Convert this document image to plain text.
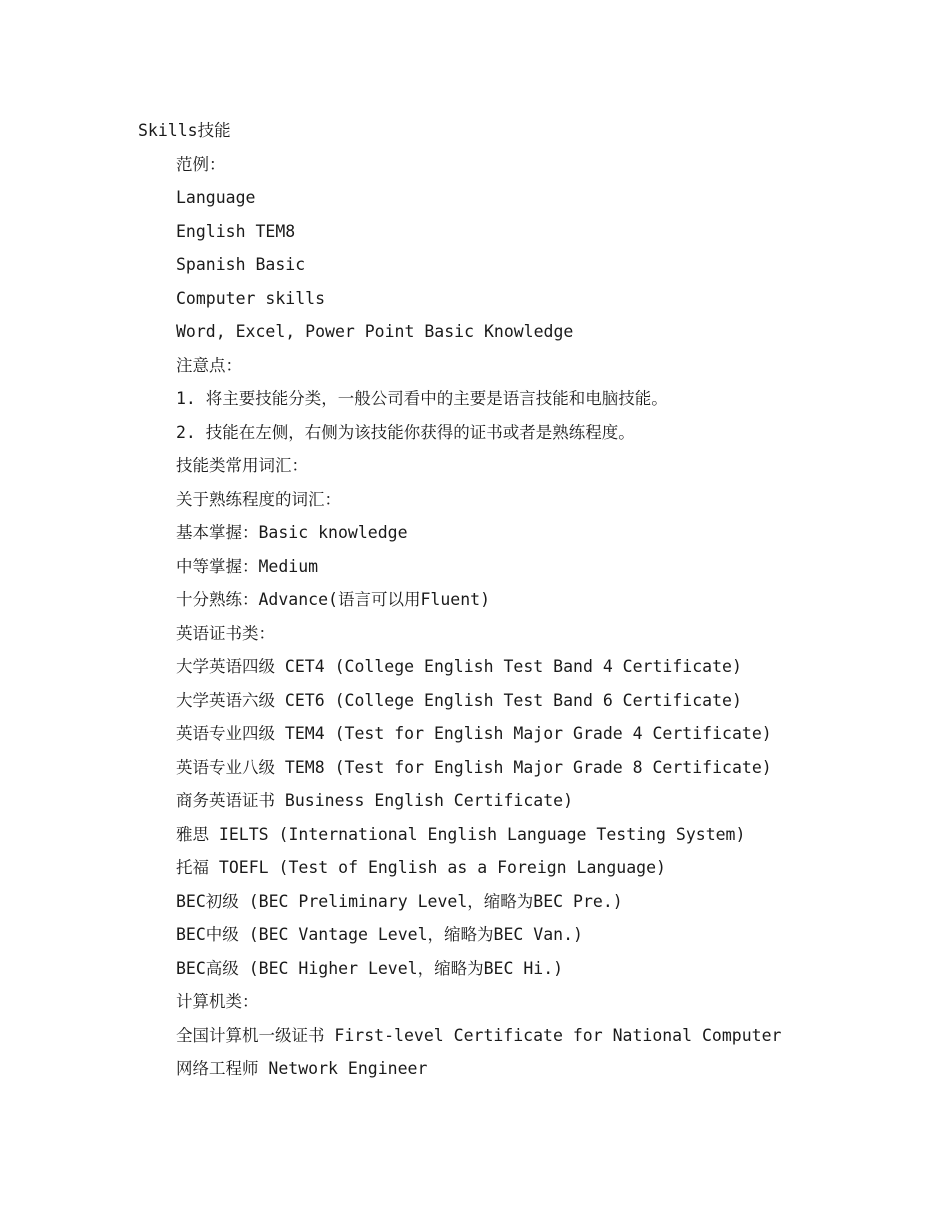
Skills技能
范例：
Language
English TEM8
Spanish Basic
Computer skills
Word, Excel, Power Point Basic Knowledge
注意点：
1. 将主要技能分类，一般公司看中的主要是语言技能和电脑技能。
2. 技能在左侧，右侧为该技能你获得的证书或者是熟练程度。
技能类常用词汇：
关于熟练程度的词汇：
基本掌握：Basic knowledge
中等掌握：Medium
十分熟练：Advance(语言可以用Fluent)
英语证书类：
大学英语四级 CET4 (College English Test Band 4 Certificate)
大学英语六级 CET6 (College English Test Band 6 Certificate)
英语专业四级 TEM4 (Test for English Major Grade 4 Certificate)
英语专业八级 TEM8 (Test for English Major Grade 8 Certificate)
商务英语证书 Business English Certificate)
雅思 IELTS (International English Language Testing System)
托福 TOEFL (Test of English as a Foreign Language)
BEC初级 (BEC Preliminary Level，缩略为BEC Pre.)
BEC中级 (BEC Vantage Level，缩略为BEC Van.)
BEC高级 (BEC Higher Level，缩略为BEC Hi.)
计算机类：
全国计算机一级证书 First-level Certificate for National Computer
网络工程师 Network Engineer
